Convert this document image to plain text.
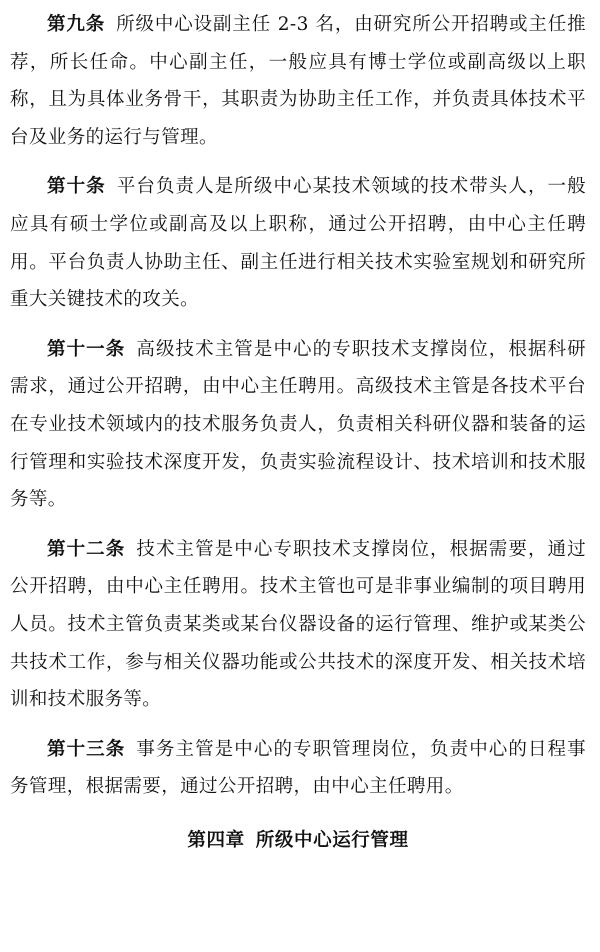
第九条 所级中心设副主任 2-3 名，由研究所公开招聘或主任推荐，所长任命。中心副主任，一般应具有博士学位或副高级以上职称，且为具体业务骨干，其职责为协助主任工作，并负责具体技术平台及业务的运行与管理。

第十条 平台负责人是所级中心某技术领域的技术带头人，一般应具有硕士学位或副高及以上职称，通过公开招聘，由中心主任聘用。平台负责人协助主任、副主任进行相关技术实验室规划和研究所重大关键技术的攻关。

第十一条 高级技术主管是中心的专职技术支撑岗位，根据科研需求，通过公开招聘，由中心主任聘用。高级技术主管是各技术平台在专业技术领域内的技术服务负责人，负责相关科研仪器和装备的运行管理和实验技术深度开发，负责实验流程设计、技术培训和技术服务等。

第十二条 技术主管是中心专职技术支撑岗位，根据需要，通过公开招聘，由中心主任聘用。技术主管也可是非事业编制的项目聘用人员。技术主管负责某类或某台仪器设备的运行管理、维护或某类公共技术工作，参与相关仪器功能或公共技术的深度开发、相关技术培训和技术服务等。

第十三条 事务主管是中心的专职管理岗位，负责中心的日程事务管理，根据需要，通过公开招聘，由中心主任聘用。

第四章 所级中心运行管理
